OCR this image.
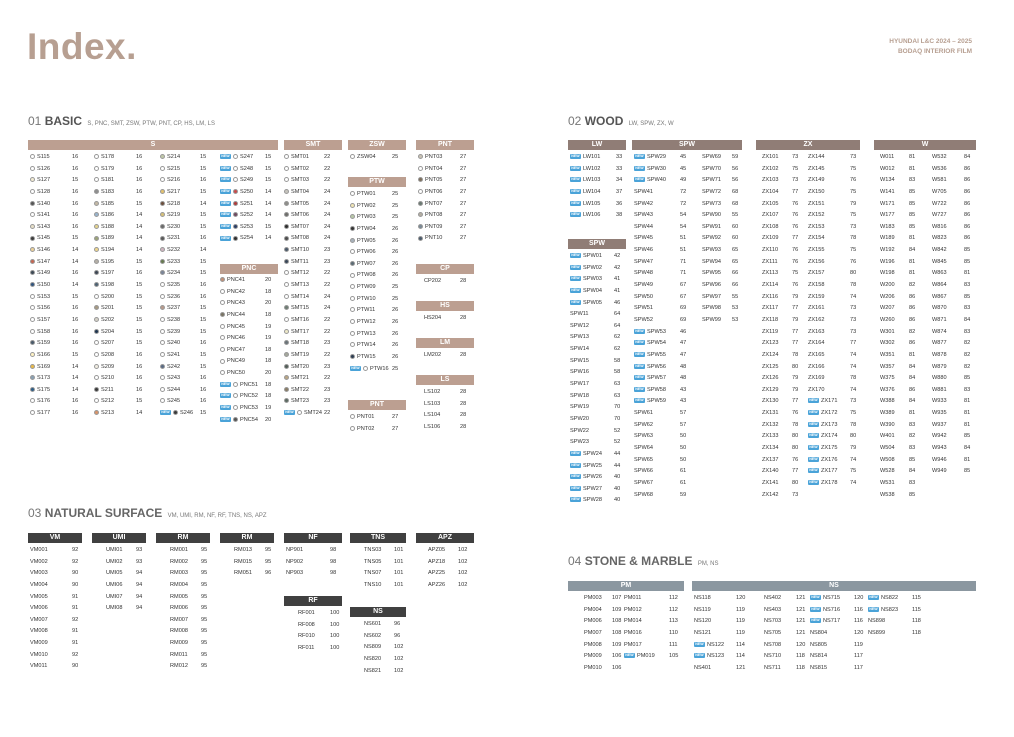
Index.	HYUNDAI L&C 2024 – 2025
BODAQ INTERIOR FILM
01 BASIC S, PNC, SMT, ZSW, PTW, PNT, CP, HS, LM, LS	02 WOOD LW, SPW, ZX, W
03 NATURAL SURFACE VM, UMI, RM, NF, RF, TNS, NS, APZ
04 STONE & MARBLE PM, NS
S	SMT	ZSW	PNT
PNC
PTW
CP
HS
LM
LS
PNT
LW	SPW	ZX	W
SPW
VM	UMI	RM	RM	NF
RF
TNS
NS
APZ
PM	NS
S115	16
S126	16
S127	15
S128	16
S140	16
S141	16
S143	16
S145	15
S146	14
S147	14
S149	16
S150	14
S153	15
S156	16
S157	16
S158	16
S159	16
S166	15
S169	14
S173	14
S175	14
S176	16
S177	16
S178	16
S179	16
S181	16
S183	16
S185	15
S186	14
S188	14
S189	14
S194	14
S195	15
S197	16
S198	15
S200	15
S201	15
S202	15
S204	15
S207	15
S208	16
S209	16
S210	16
S211	16
S212	15
S213	14
S214	15
S215	15
S216	16
S217	15
S218	14
S219	15
S230	15
S231	16
S232	14
S233	15
S234	15
S235	16
S236	16
S237	15
S238	15
S239	15
S240	16
S241	15
S242	15
S243	16
S244	16
S245	16
NEW S246 15
NEW S247 15
NEW S248 15
NEW S249 15
NEW S250 14
NEW S251 14
NEW S252 14
NEW S253 15
NEW S254 14
PNC41	20
PNC42	18
PNC43	20
PNC44	18
PNC45	19
PNC46	19
PNC47	18
PNC49	18
PNC50	20
NEW PNC51 18
NEW PNC52 18
NEW PNC53 19
NEW PNC54 20
SMT01	22
SMT02	22
SMT03	22
SMT04	24
SMT05	24
SMT06	24
SMT07	24
SMT08	24
SMT10	23
SMT11	23
SMT12	22
SMT13	22
SMT14	24
SMT15	24
SMT16	22
SMT17	22
SMT18	23
SMT19	22
SMT20	23
SMT21	22
SMT22	23
SMT23	23
NEW SMT24 22
ZSW04	25
PTW01	25
PTW02	25
PTW03	25
PTW04	26
PTW05	26
PTW06	26
PTW07	26
PTW08	26
PTW09	25
PTW10	25
PTW11	26
PTW12	26
PTW13	26
PTW14	26
PTW15	26
NEW PTW16 25
PNT01	27
PNT02	27
PNT03	27
PNT04	27
PNT05	27
PNT06	27
PNT07	27
PNT08	27
PNT09	27
PNT10	27
CP202	28
HS204	28
LM202	28
LS102	28
LS103	28
LS104	28
LS106	28
NEW LW101	33
NEW LW102	33
NEW LW103	34
NEW LW104	37
NEW LW105	36
NEW LW106	38
NEW SPW01 42
NEW SPW02 42
NEW SPW03 41
NEW SPW04 41
NEW SPW05 46
SPW11	64
SPW12	64
SPW13	62
SPW14	62
SPW15	58
SPW16	58
SPW17	63
SPW18	63
SPW19	70
SPW20	70
SPW22	52
SPW23	52
NEW SPW24 44
NEW SPW25 44
NEW SPW26 40
NEW SPW27 40
NEW SPW28 40
NEW SPW29	45
NEW SPW30	45
NEW SPW40	49
SPW41	72
SPW42	72
SPW43	54
SPW44	54
SPW45	51
SPW46	51
SPW47	71
SPW48	71
SPW49	67
SPW50	67
SPW51	69
SPW52	69
NEW SPW53	46
NEW SPW54	47
NEW SPW55	47
NEW SPW56	48
NEW SPW57	48
NEW SPW58	43
NEW SPW59	43
SPW61	57
SPW62	57
SPW63	50
SPW64	50
SPW65	50
SPW66	61
SPW67	61
SPW68	59
SPW69 59
SPW70 56
SPW71 56
SPW72 68
SPW73 68
SPW90 55
SPW91 60
SPW92 60
SPW93 65
SPW94 65
SPW95 66
SPW96 66
SPW97 55
SPW98 53
SPW99 53
ZX101 73
ZX102 75
ZX103 73
ZX104 77
ZX105 76
ZX107 76
ZX108 76
ZX109 77
ZX110 76
ZX111	76
ZX113 75
ZX114 76
ZX116 79
ZX117 77
ZX118 79
ZX119 77
ZX123 77
ZX124 78
ZX125 80
ZX126 79
ZX129 79
ZX130 77
ZX131 76
ZX132 78
ZX133 80
ZX134 80
ZX137 76
ZX140 77
ZX141 80
ZX142 73
ZX144	73
ZX145	75
ZX149	76
ZX150	75
ZX151	79
ZX152	75
ZX153	73
ZX154	78
ZX155	75
ZX156	76
ZX157	80
ZX158	78
ZX159	74
ZX161	73
ZX162	73
ZX163	73
ZX164	77
ZX165	74
ZX166	74
ZX169	78
ZX170	74
NEW ZX171 73
NEW ZX172 75
NEW ZX173 78
NEW ZX174 80
NEW ZX175 79
NEW ZX176 74
NEW ZX177 75
NEW ZX178 74
W011	81
W012	81
W134	83
W141	85
W171	85
W177	85
W183	85
W189	81
W192	84
W196	81
W198	81
W200	82
W206	86
W207	86
W260	86
W301	82
W302	86
W351	81
W357	84
W375	84
W376	86
W388	84
W389	81
W390	83
W401	82
W504	83
W508	85
W528	84
W531	83
W538	85
W532	84
W536	86
W581	86
W705	86
W722	86
W727	86
W816	86
W823	86
W842	85
W845	85
W863	81
W864	83
W867	85
W870	83
W871	84
W874	83
W877	82
W878	82
W879	82
W880	85
W881	83
W933	81
W935	81
W937	81
W942	85
W943	84
W946	81
W949	85
VM001	92
VM002	92
VM003	90
VM004	90
VM005	91
VM006	91
VM007	92
VM008	91
VM009	91
VM010	92
VM011	90
UMI01 93
UMI02 93
UMI05 94
UMI06 94
UMI07 94
UMI08 94
RM001 95
RM002 95
RM003 95
RM004 95
RM005 95
RM006 95
RM007 95
RM008 95
RM009 95
RM011 95
RM012 95
RM013 95
RM015 95
RM051 96
NP901	98
NP902	98
NP903	98
RF001	100
RF008	100
RF010	100
RF011	100
TNS03 101
TNS05 101
TNS07 101
TNS10 101
NS601 96
NS602 96
NS809 102
NS820 102
NS821 102
APZ05 102
APZ18 102
APZ25 102
APZ26 102
PM003 107
PM004 109
PM006 108
PM007 108
PM008 109
PM009 106
PM010 106
PM011	112
PM012	112
PM014	113
PM016	110
PM017	111
NEW PM019	105
NS118	120
NS119	119
NS120	119
NS121	119
NEW NS122 114
NEW NS123 114
NS401	121
NS402	121
NS403	121
NS703	121
NS705	121
NS708	120
NS710	118
NS711	118
NEW NS715 120
NEW NS716 116
NEW NS717 116
NS804	120
NS805	119
NS814	117
NS815	117
NEW NS822 115
NEW NS823 115
NS898	118
NS899	118
